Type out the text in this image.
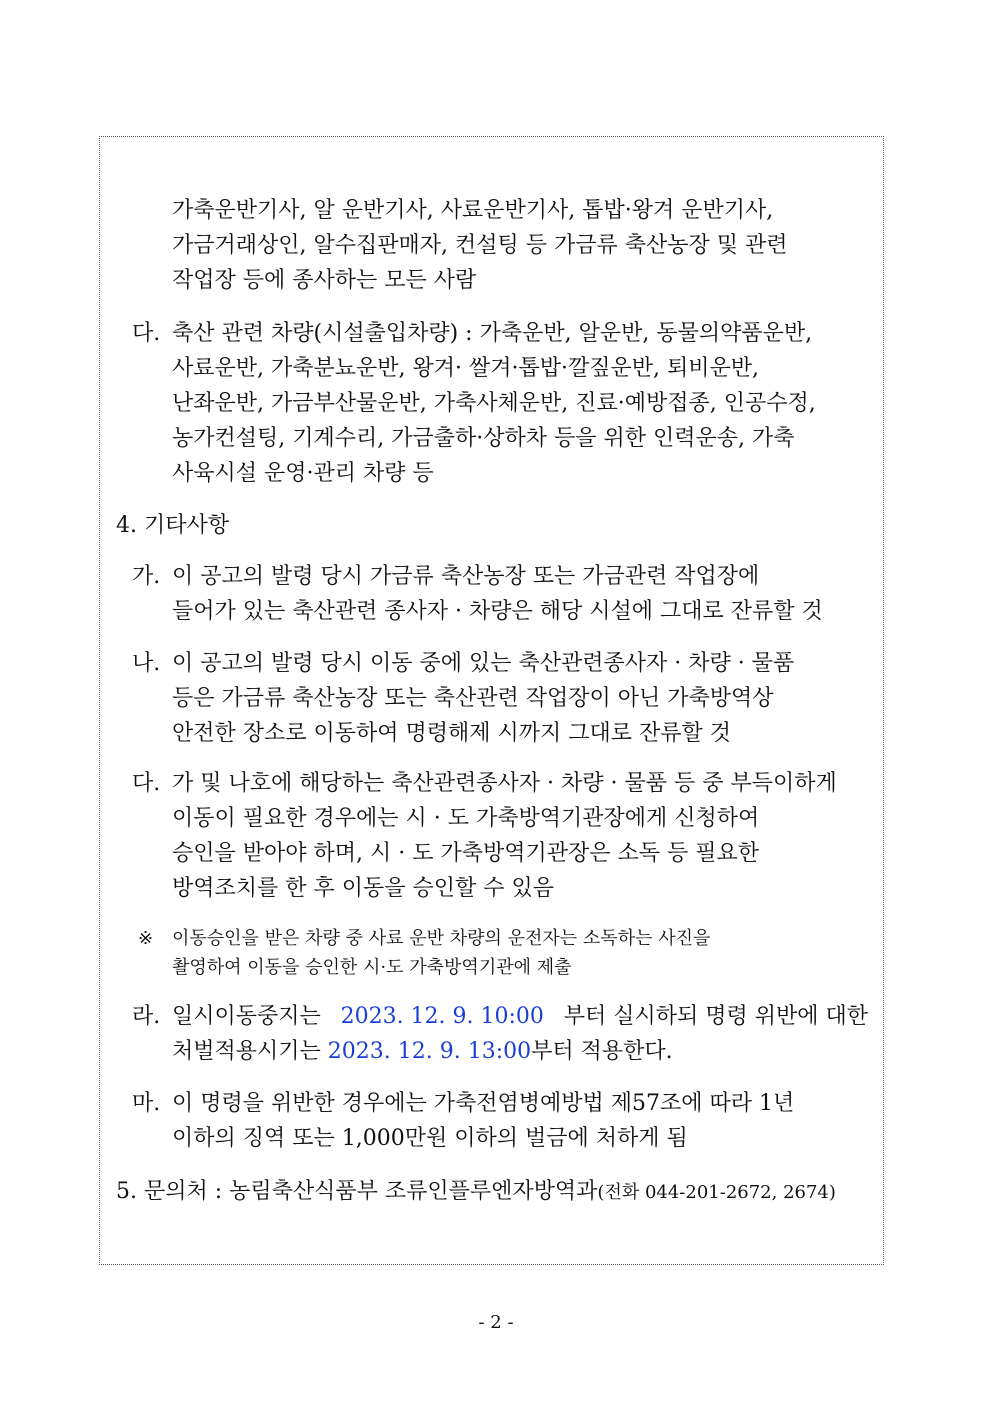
가축운반기사, 알 운반기사, 사료운반기사, 톱밥·왕겨 운반기사,
가금거래상인, 알수집판매자, 컨설팅 등 가금류 축산농장 및 관련
작업장 등에 종사하는 모든 사람
다. 축산 관련 차량(시설출입차량) : 가축운반, 알운반, 동물의약품운반,
사료운반, 가축분뇨운반, 왕겨· 쌀겨·톱밥·깔짚운반, 퇴비운반,
난좌운반, 가금부산물운반, 가축사체운반, 진료·예방접종, 인공수정,
농가컨설팅, 기계수리, 가금출하·상하차 등을 위한 인력운송, 가축
사육시설 운영·관리 차량 등
4. 기타사항
가. 이 공고의 발령 당시 가금류 축산농장 또는 가금관련 작업장에
들어가 있는 축산관련 종사자 · 차량은 해당 시설에 그대로 잔류할 것
나. 이 공고의 발령 당시 이동 중에 있는 축산관련종사자 · 차량 · 물품
등은 가금류 축산농장 또는 축산관련 작업장이 아닌 가축방역상
안전한 장소로 이동하여 명령해제 시까지 그대로 잔류할 것
다. 가 및 나호에 해당하는 축산관련종사자 · 차량 · 물품 등 중 부득이하게
이동이 필요한 경우에는 시 · 도 가축방역기관장에게 신청하여
승인을 받아야 하며, 시 · 도 가축방역기관장은 소독 등 필요한
방역조치를 한 후 이동을 승인할 수 있음
※	이동승인을 받은 차량 중 사료 운반 차량의 운전자는 소독하는 사진을
촬영하여 이동을 승인한 시·도 가축방역기관에 제출
라. 일시이동중지는 2023. 12. 9. 10:00 부터 실시하되 명령 위반에 대한
처벌적용시기는
2023. 12. 9. 13:00 부터 적용한다.
마. 이 명령을 위반한 경우에는 가축전염병예방법 제57조에 따라 1년
이하의 징역 또는 1,000만원 이하의 벌금에 처하게 됨
5. 문의처 : 농림축산식품부 조류인플루엔자방역과 (전화 044-201-2672, 2674)
- 2 -
